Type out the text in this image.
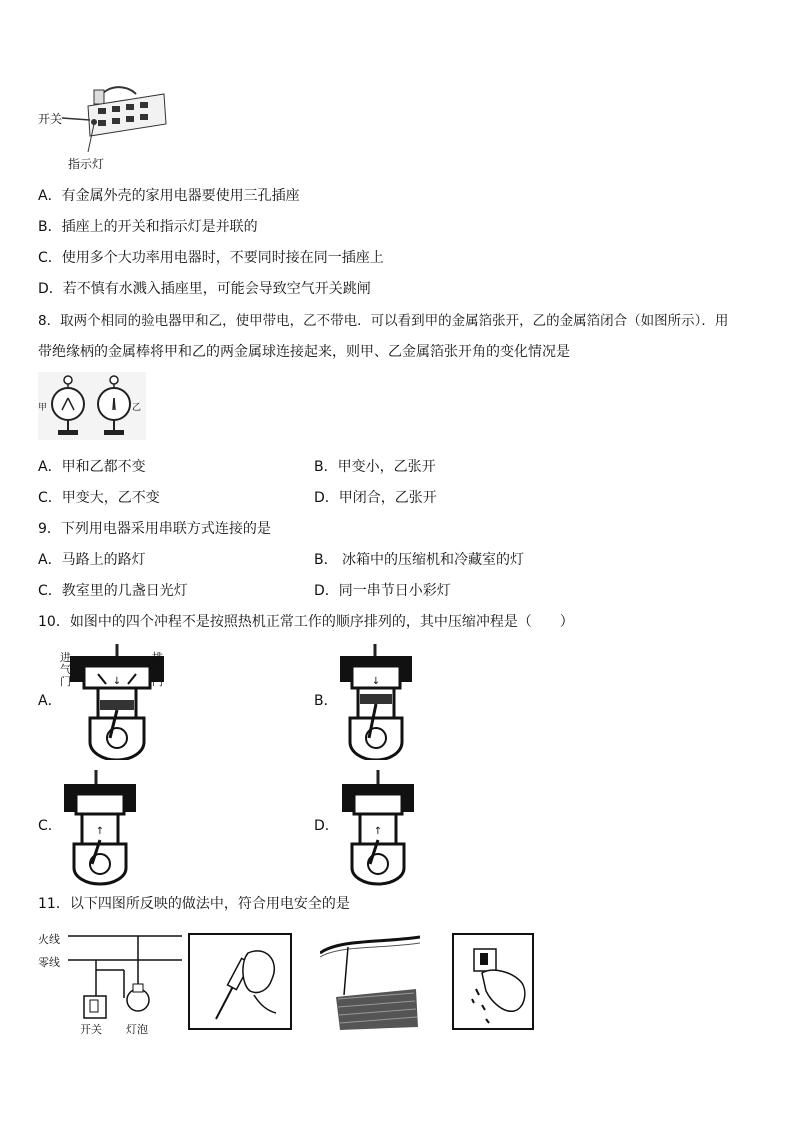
开关
指示灯
A．有金属外壳的家用电器要使用三孔插座
B．插座上的开关和指示灯是并联的
C．使用多个大功率用电器时，不要同时接在同一插座上
D．若不慎有水溅入插座里，可能会导致空气开关跳闸
8．取两个相同的验电器甲和乙，使甲带电，乙不带电．可以看到甲的金属箔张开，乙的金属箔闭合（如图所示）．用
带绝缘柄的金属棒将甲和乙的两金属球连接起来，则甲、乙金属箔张开角的变化情况是
甲	乙
A．甲和乙都不变	B．甲变小，乙张开
C．甲变大，乙不变	D．甲闭合，乙张开
9．下列用电器采用串联方式连接的是
A．马路上的路灯	B． 冰箱中的压缩机和冷藏室的灯
C．教室里的几盏日光灯	D．同一串节日小彩灯
10．如图中的四个冲程不是按照热机正常工作的顺序排列的，其中压缩冲程是（　　）
A．	B．
C．	D．
↓
进气门
排气门	↓
↑	↑
11．以下四图所反映的做法中，符合用电安全的是
火线
零线
开关 灯泡
